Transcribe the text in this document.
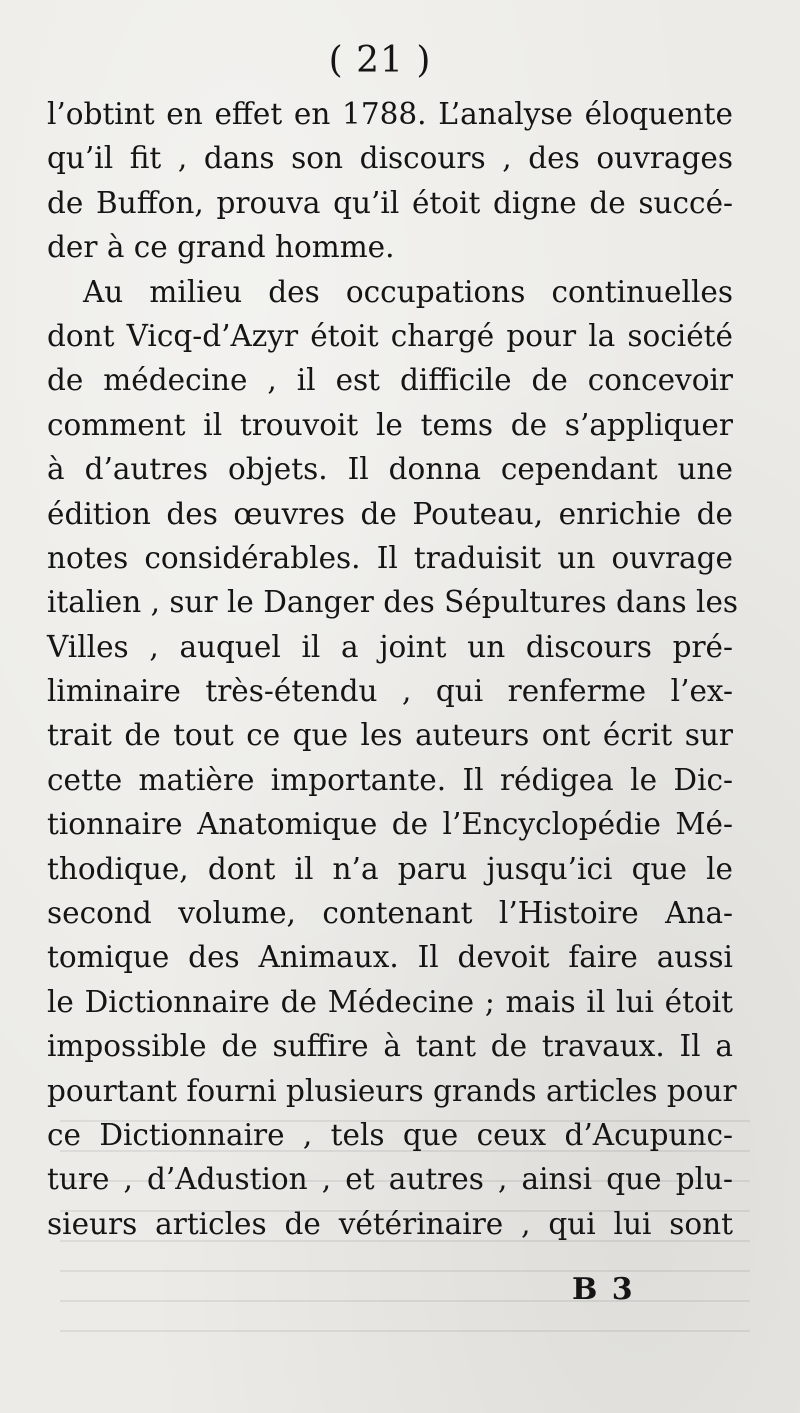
( 21 )
l’obtint en effet en 1788. L’analyse éloquente
qu’il fit , dans son discours , des ouvrages
de Buffon, prouva qu’il étoit digne de succé-
der à ce grand homme.
Au milieu des occupations continuelles
dont Vicq-d’Azyr étoit chargé pour la société
de médecine , il est difficile de concevoir
comment il trouvoit le tems de s’appliquer
à d’autres objets. Il donna cependant une
édition des œuvres de Pouteau, enrichie de
notes considérables. Il traduisit un ouvrage
italien , sur le Danger des Sépultures dans les
Villes , auquel il a joint un discours pré-
liminaire très-étendu , qui renferme l’ex-
trait de tout ce que les auteurs ont écrit sur
cette matière importante. Il rédigea le Dic-
tionnaire Anatomique de l’Encyclopédie Mé-
thodique, dont il n’a paru jusqu’ici que le
second volume, contenant l’Histoire Ana-
tomique des Animaux. Il devoit faire aussi
le Dictionnaire de Médecine ; mais il lui étoit
impossible de suffire à tant de travaux. Il a
pourtant fourni plusieurs grands articles pour
ce Dictionnaire , tels que ceux d’Acupunc-
ture , d’Adustion , et autres , ainsi que plu-
sieurs articles de vétérinaire , qui lui sont
B 3
